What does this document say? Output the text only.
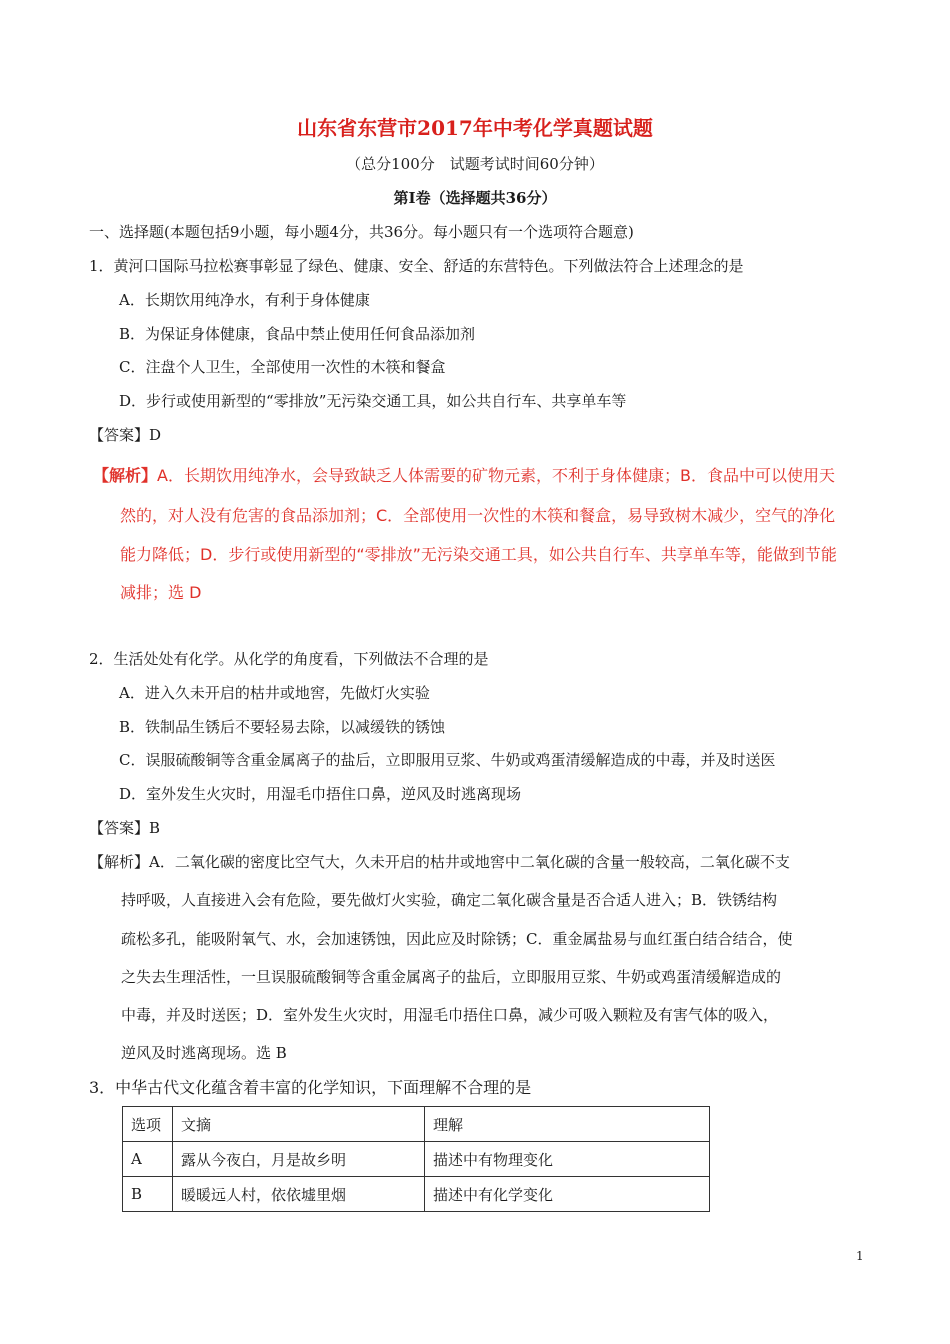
山东省东营市2017年中考化学真题试题
（总分100分　试题考试时间60分钟）
第Ⅰ卷（选择题共36分）
一、选择题(本题包括9小题，每小题4分，共36分。每小题只有一个选项符合题意)
1．黄河口国际马拉松赛事彰显了绿色、健康、安全、舒适的东营特色。下列做法符合上述理念的是
A．长期饮用纯净水，有利于身体健康
B．为保证身体健康，食品中禁止使用任何食品添加剂
C．注盘个人卫生，全部使用一次性的木筷和餐盒
D．步行或使用新型的“零排放”无污染交通工具，如公共自行车、共享单车等
【答案】D
【解析】A．长期饮用纯净水，会导致缺乏人体需要的矿物元素，不利于身体健康；B．食品中可以使用天
然的，对人没有危害的食品添加剂；C．全部使用一次性的木筷和餐盒，易导致树木减少，空气的净化
能力降低；D．步行或使用新型的“零排放”无污染交通工具，如公共自行车、共享单车等，能做到节能
减排；选 D
2．生活处处有化学。从化学的角度看，下列做法不合理的是
A．进入久未开启的枯井或地窖，先做灯火实验
B．铁制品生锈后不要轻易去除，以减缓铁的锈蚀
C．误服硫酸铜等含重金属离子的盐后，立即服用豆浆、牛奶或鸡蛋清缓解造成的中毒，并及时送医
D．室外发生火灾时，用湿毛巾捂住口鼻，逆风及时逃离现场
【答案】B
【解析】A．二氧化碳的密度比空气大，久未开启的枯井或地窖中二氧化碳的含量一般较高，二氧化碳不支
持呼吸，人直接进入会有危险，要先做灯火实验，确定二氧化碳含量是否合适人进入；B．铁锈结构
疏松多孔，能吸附氧气、水，会加速锈蚀，因此应及时除锈；C．重金属盐易与血红蛋白结合结合，使
之失去生理活性，一旦误服硫酸铜等含重金属离子的盐后，立即服用豆浆、牛奶或鸡蛋清缓解造成的
中毒，并及时送医；D．室外发生火灾时，用湿毛巾捂住口鼻，减少可吸入颗粒及有害气体的吸入，
逆风及时逃离现场。选 B
3．中华古代文化蕴含着丰富的化学知识，下面理解不合理的是
选项	文摘	理解
A	露从今夜白，月是故乡明	描述中有物理变化
B	暖暖远人村，依依墟里烟	描述中有化学变化
1
